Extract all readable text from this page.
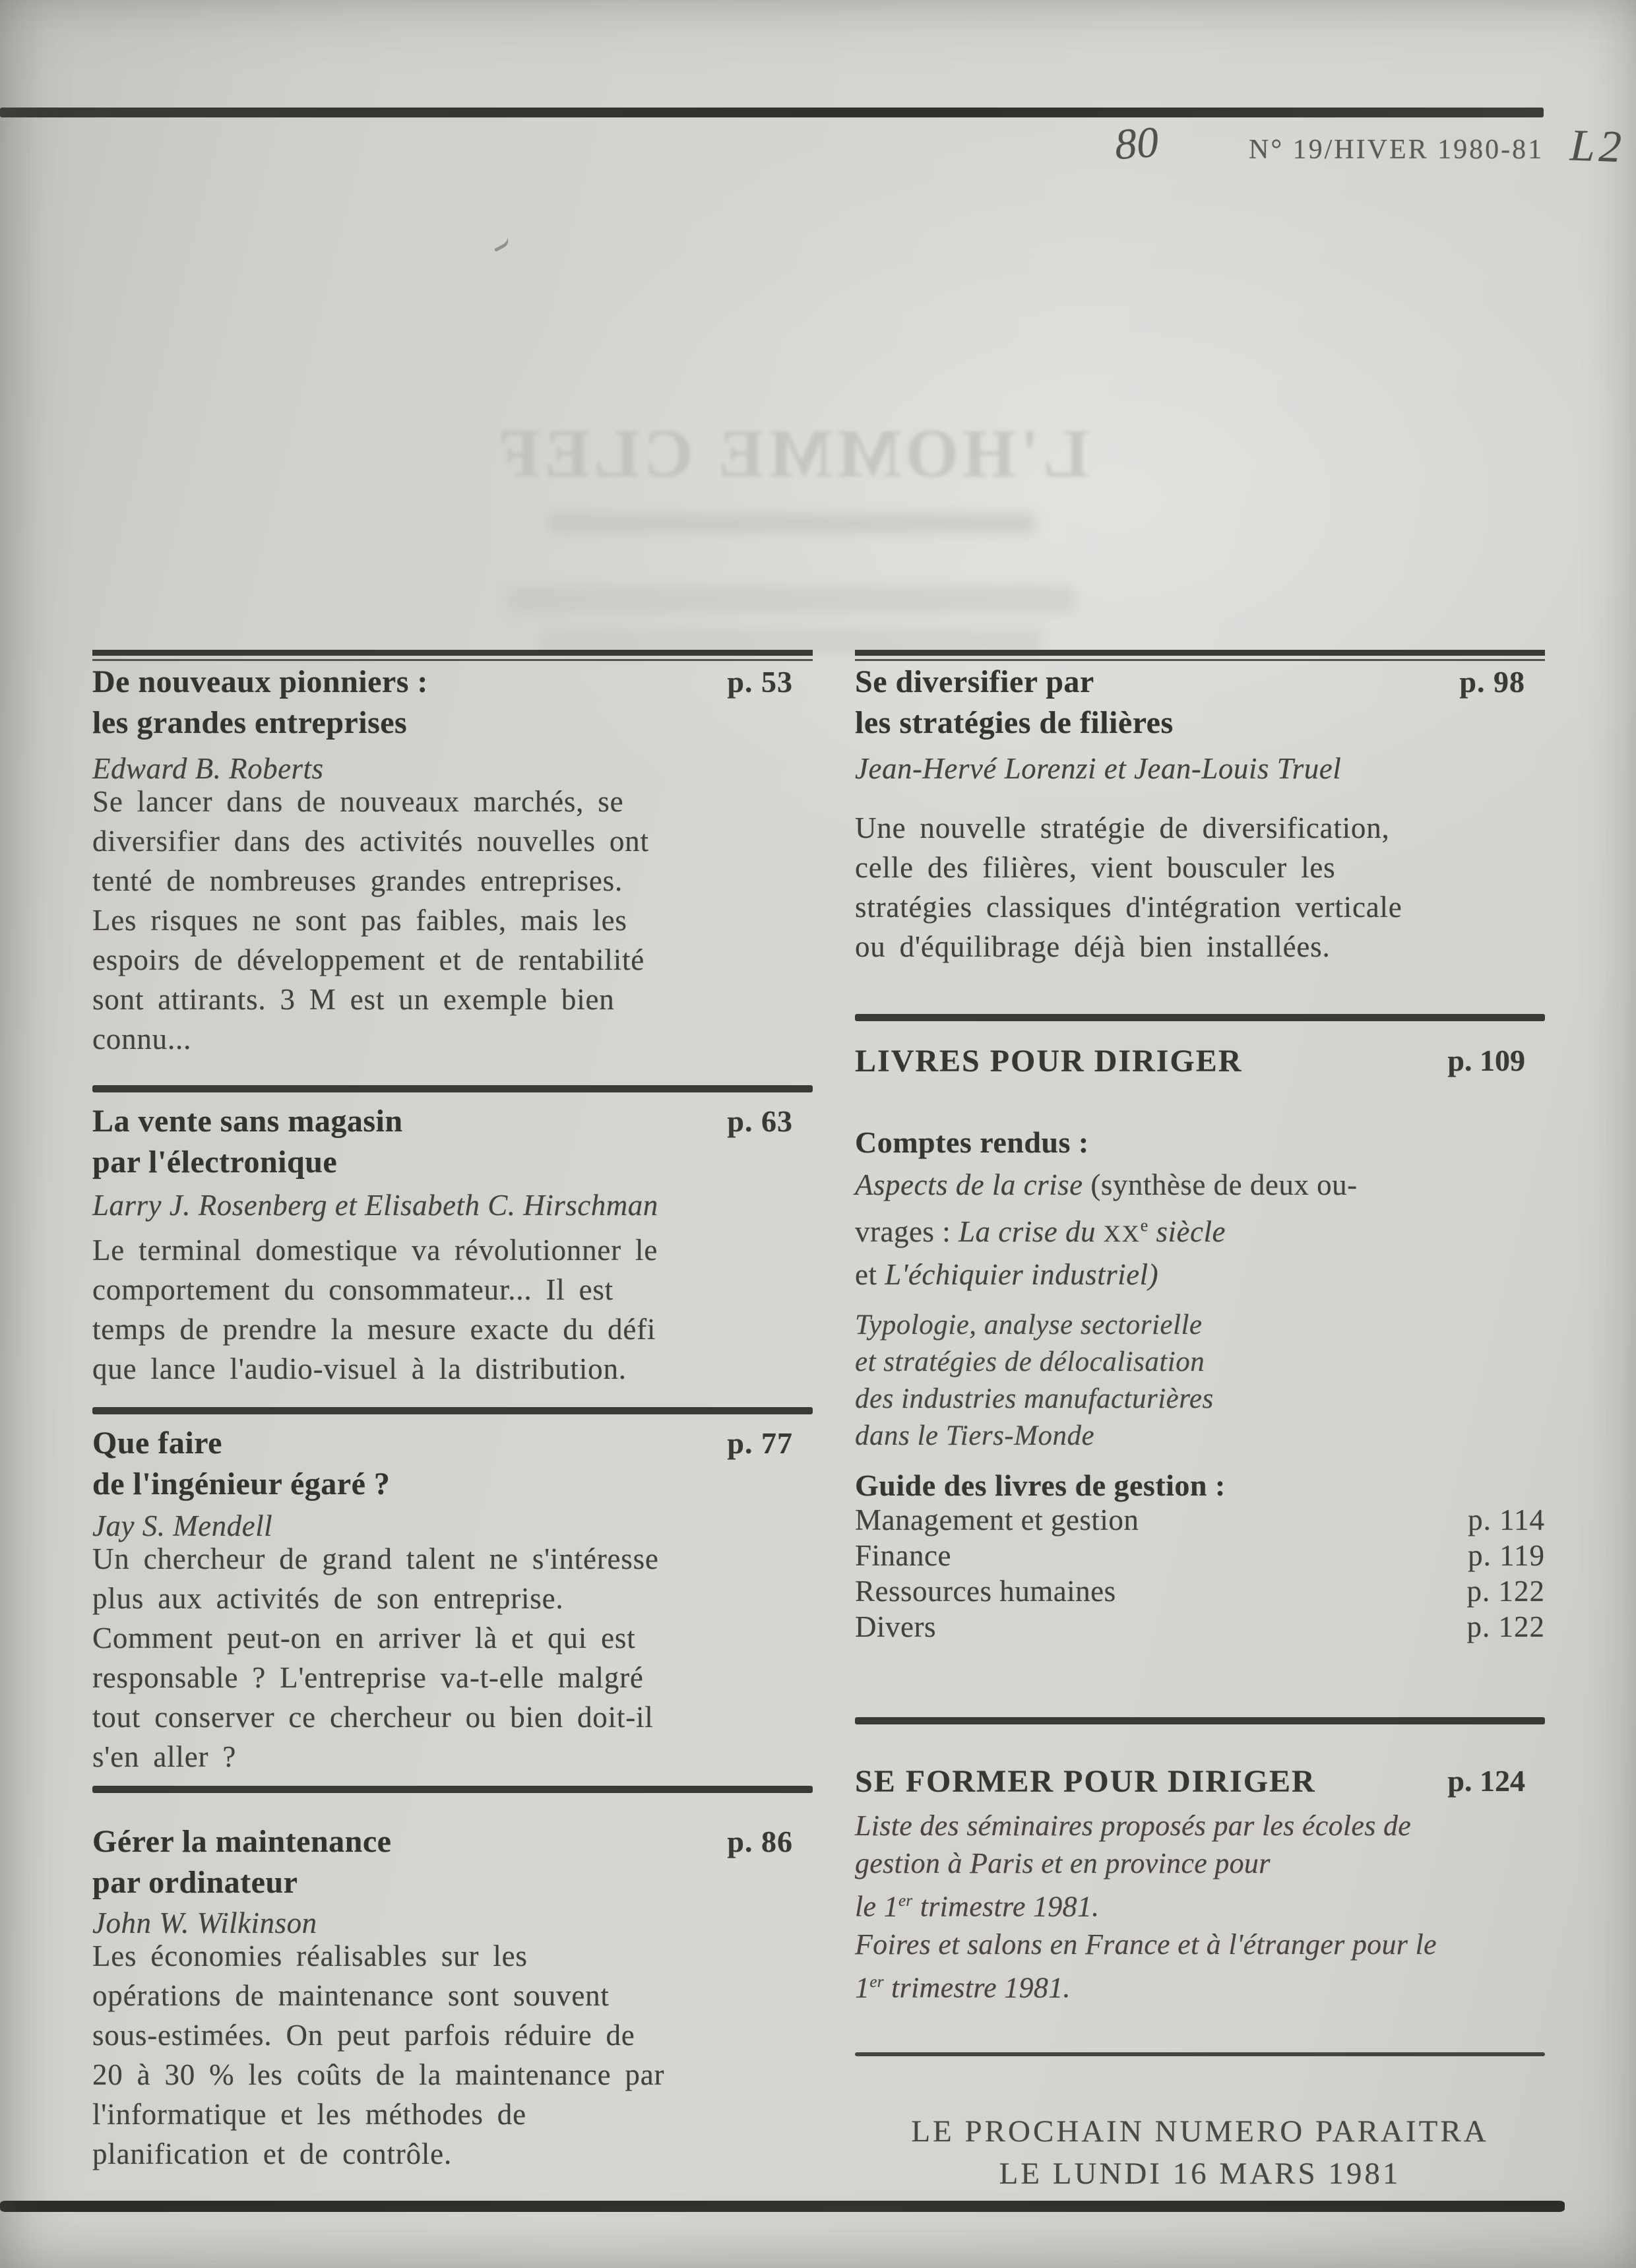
80	N° 19/HIVER 1980-81 L2
L'HOMME CLEF
De nouveaux pionniers :
les grandes entreprises
p. 53
Edward B. Roberts
Se lancer dans de nouveaux marchés, se
diversifier dans des activités nouvelles ont
tenté de nombreuses grandes entreprises.
Les risques ne sont pas faibles, mais les
espoirs de développement et de rentabilité
sont attirants. 3 M est un exemple bien
connu...
La vente sans magasin
par l'électronique
p. 63
Larry J. Rosenberg et Elisabeth C. Hirschman
Le terminal domestique va révolutionner le
comportement du consommateur... Il est
temps de prendre la mesure exacte du défi
que lance l'audio-visuel à la distribution.
Que faire
de l'ingénieur égaré ?
p. 77
Jay S. Mendell
Un chercheur de grand talent ne s'intéresse
plus aux activités de son entreprise.
Comment peut-on en arriver là et qui est
responsable ? L'entreprise va-t-elle malgré
tout conserver ce chercheur ou bien doit-il
s'en aller ?
Gérer la maintenance
par ordinateur
p. 86
John W. Wilkinson
Les économies réalisables sur les
opérations de maintenance sont souvent
sous-estimées. On peut parfois réduire de
20 à 30 % les coûts de la maintenance par
l'informatique et les méthodes de
planification et de contrôle.
Se diversifier par
les stratégies de filières
p. 98
Jean-Hervé Lorenzi et Jean-Louis Truel
Une nouvelle stratégie de diversification,
celle des filières, vient bousculer les
stratégies classiques d'intégration verticale
ou d'équilibrage déjà bien installées.
LIVRES POUR DIRIGER	p. 109
Comptes rendus :
Aspects de la crise (synthèse de deux ou-
vrages : La crise du XXe siècle
et L'échiquier industriel)
Typologie, analyse sectorielle
et stratégies de délocalisation
des industries manufacturières
dans le Tiers-Monde
Guide des livres de gestion :
Management et gestion	p. 114
Finance	p. 119
Ressources humaines	p. 122
Divers	p. 122
SE FORMER POUR DIRIGER	p. 124
Liste des séminaires proposés par les écoles de
gestion à Paris et en province pour
le 1er trimestre 1981.
Foires et salons en France et à l'étranger pour le
1er trimestre 1981.
LE PROCHAIN NUMERO PARAITRA
LE LUNDI 16 MARS 1981
